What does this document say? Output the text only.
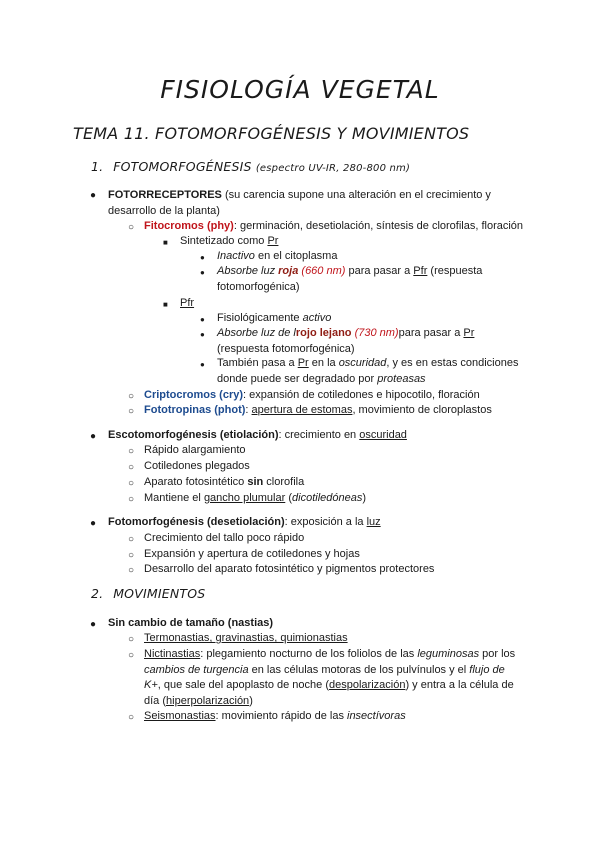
FISIOLOGÍA VEGETAL
TEMA 11. FOTOMORFOGÉNESIS Y MOVIMIENTOS
1. FOTOMORFOGÉNESIS (espectro UV-IR, 280-800 nm)
● FOTORRECEPTORES (su carencia supone una alteración en el crecimiento y
desarrollo de la planta)
○ Fitocromos (phy): germinación, desetiolación, síntesis de clorofilas, floración
■ Sintetizado como Pr
● Inactivo en el citoplasma
● Absorbe luz roja (660 nm) para pasar a Pfr (respuesta
fotomorfogénica)
■ Pfr
● Fisiológicamente activo
● Absorbe luz de lrojo lejano (730 nm)para pasar a Pr
(respuesta fotomorfogénica)
● También pasa a Pr en la oscuridad, y es en estas condiciones
donde puede ser degradado por proteasas
○ Criptocromos (cry): expansión de cotiledones e hipocotilo, floración
○ Fototropinas (phot): apertura de estomas, movimiento de cloroplastos
● Escotomorfogénesis (etiolación): crecimiento en oscuridad
○ Rápido alargamiento
○ Cotiledones plegados
○ Aparato fotosintético sin clorofila
○ Mantiene el gancho plumular (dicotiledóneas)
● Fotomorfogénesis (desetiolación): exposición a la luz
○ Crecimiento del tallo poco rápido
○ Expansión y apertura de cotiledones y hojas
○ Desarrollo del aparato fotosintético y pigmentos protectores
2. MOVIMIENTOS
● Sin cambio de tamaño (nastias)
○ Termonastias, gravinastias, quimionastias
○ Nictinastias: plegamiento nocturno de los foliolos de las leguminosas por los
cambios de turgencia en las células motoras de los pulvínulos y el flujo de
K+, que sale del apoplasto de noche (despolarización) y entra a la célula de
día (hiperpolarización)
○ Seismonastias: movimiento rápido de las insectívoras
